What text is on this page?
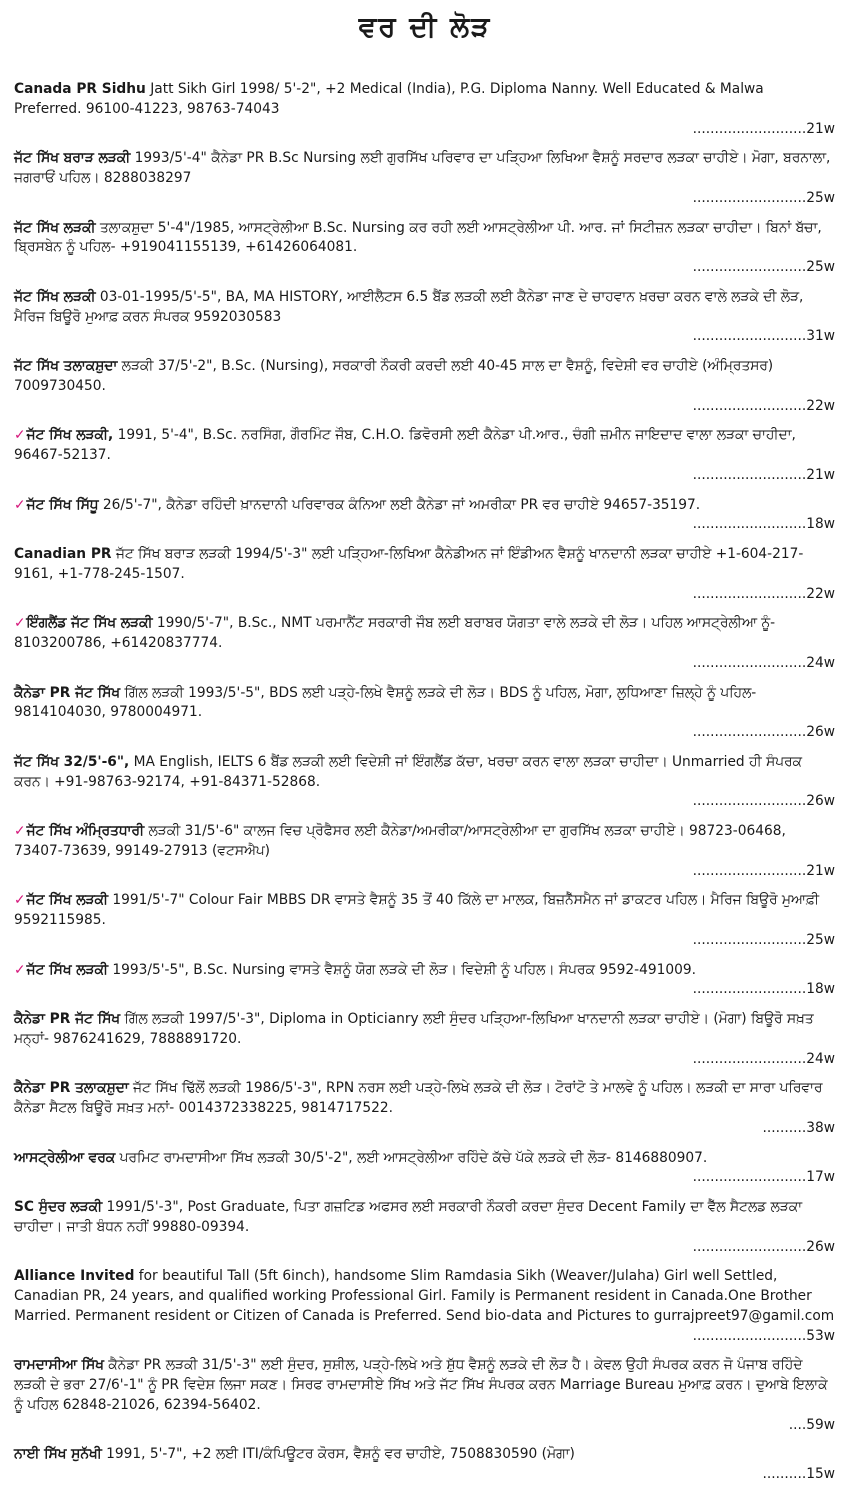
ਵਰ ਦੀ ਲੋੜ
Canada PR Sidhu Jatt Sikh Girl 1998/ 5'-2", +2 Medical (India), P.G. Diploma Nanny. Well Educated & Malwa Preferred. 96100-41223, 98763-74043
..........................21w
ਜੱਟ ਸਿੱਖ ਬਰਾੜ ਲੜਕੀ 1993/5'-4" ਕੈਨੇਡਾ PR B.Sc Nursing ਲਈ ਗੁਰਸਿੱਖ ਪਰਿਵਾਰ ਦਾ ਪੜ੍ਹਿਆ ਲਿਖਿਆ ਵੈਸ਼ਨੂੰ ਸਰਦਾਰ ਲੜਕਾ ਚਾਹੀਏ। ਮੋਗਾ, ਬਰਨਾਲਾ, ਜਗਰਾਓਂ ਪਹਿਲ। 8288038297
..........................25w
ਜੱਟ ਸਿੱਖ ਲੜਕੀ ਤਲਾਕਸ਼ੁਦਾ 5'-4"/1985, ਆਸਟ੍ਰੇਲੀਆ B.Sc. Nursing ਕਰ ਰਹੀ ਲਈ ਆਸਟ੍ਰੇਲੀਆ ਪੀ. ਆਰ. ਜਾਂ ਸਿਟੀਜ਼ਨ ਲੜਕਾ ਚਾਹੀਦਾ। ਬਿਨਾਂ ਬੱਚਾ, ਬ੍ਰਿਸਬੇਨ ਨੂੰ ਪਹਿਲ- +919041155139, +61426064081.
..........................25w
ਜੱਟ ਸਿੱਖ ਲੜਕੀ 03-01-1995/5'-5", BA, MA HISTORY, ਆਈਲੈਟਸ 6.5 ਬੈਂਡ ਲੜਕੀ ਲਈ ਕੈਨੇਡਾ ਜਾਣ ਦੇ ਚਾਹਵਾਨ ਖ਼ਰਚਾ ਕਰਨ ਵਾਲੇ ਲੜਕੇ ਦੀ ਲੋੜ, ਮੈਰਿਜ ਬਿਊਰੋ ਮੁਆਫ਼ ਕਰਨ ਸੰਪਰਕ 9592030583
..........................31w
ਜੱਟ ਸਿੱਖ ਤਲਾਕਸ਼ੁਦਾ ਲੜਕੀ 37/5'-2", B.Sc. (Nursing), ਸਰਕਾਰੀ ਨੌਕਰੀ ਕਰਦੀ ਲਈ 40-45 ਸਾਲ ਦਾ ਵੈਸ਼ਨੂੰ, ਵਿਦੇਸ਼ੀ ਵਰ ਚਾਹੀਏ (ਅੰਮ੍ਰਿਤਸਰ) 7009730450.
..........................22w
✓ਜੱਟ ਸਿੱਖ ਲੜਕੀ, 1991, 5'-4", B.Sc. ਨਰਸਿੰਗ, ਗੌਰਮਿੰਟ ਜੌਬ, C.H.O. ਡਿਵੋਰਸੀ ਲਈ ਕੈਨੇਡਾ ਪੀ.ਆਰ., ਚੰਗੀ ਜ਼ਮੀਨ ਜਾਇਦਾਦ ਵਾਲਾ ਲੜਕਾ ਚਾਹੀਦਾ, 96467-52137.
..........................21w
✓ਜੱਟ ਸਿੱਖ ਸਿੱਧੂ 26/5'-7", ਕੈਨੇਡਾ ਰਹਿੰਦੀ ਖ਼ਾਨਦਾਨੀ ਪਰਿਵਾਰਕ ਕੰਨਿਆ ਲਈ ਕੈਨੇਡਾ ਜਾਂ ਅਮਰੀਕਾ PR ਵਰ ਚਾਹੀਏ 94657-35197.
..........................18w
Canadian PR ਜੱਟ ਸਿੱਖ ਬਰਾੜ ਲੜਕੀ 1994/5'-3" ਲਈ ਪੜ੍ਹਿਆ-ਲਿਖਿਆ ਕੈਨੇਡੀਅਨ ਜਾਂ ਇੰਡੀਅਨ ਵੈਸ਼ਨੂੰ ਖਾਨਦਾਨੀ ਲੜਕਾ ਚਾਹੀਏ +1-604-217-9161, +1-778-245-1507.
..........................22w
✓ਇੰਗਲੈਂਡ ਜੱਟ ਸਿੱਖ ਲੜਕੀ 1990/5'-7", B.Sc., NMT ਪਰਮਾਨੈਂਟ ਸਰਕਾਰੀ ਜੌਬ ਲਈ ਬਰਾਬਰ ਯੋਗਤਾ ਵਾਲੇ ਲੜਕੇ ਦੀ ਲੋੜ। ਪਹਿਲ ਆਸਟ੍ਰੇਲੀਆ ਨੂੰ- 8103200786, +61420837774.
..........................24w
ਕੈਨੇਡਾ PR ਜੱਟ ਸਿੱਖ ਗਿੱਲ ਲੜਕੀ 1993/5'-5", BDS ਲਈ ਪੜ੍ਹੇ-ਲਿਖੇ ਵੈਸ਼ਨੂੰ ਲੜਕੇ ਦੀ ਲੋੜ। BDS ਨੂੰ ਪਹਿਲ, ਮੋਗਾ, ਲੁਧਿਆਣਾ ਜ਼ਿਲ੍ਹੇ ਨੂੰ ਪਹਿਲ- 9814104030, 9780004971.
..........................26w
ਜੱਟ ਸਿੱਖ 32/5'-6", MA English, IELTS 6 ਬੈਂਡ ਲੜਕੀ ਲਈ ਵਿਦੇਸ਼ੀ ਜਾਂ ਇੰਗਲੈਂਡ ਕੱਚਾ, ਖਰਚਾ ਕਰਨ ਵਾਲਾ ਲੜਕਾ ਚਾਹੀਦਾ। Unmarried ਹੀ ਸੰਪਰਕ ਕਰਨ। +91-98763-92174, +91-84371-52868.
..........................26w
✓ਜੱਟ ਸਿੱਖ ਅੰਮ੍ਰਿਤਧਾਰੀ ਲੜਕੀ 31/5'-6" ਕਾਲਜ ਵਿਚ ਪ੍ਰੋਫੈਸਰ ਲਈ ਕੈਨੇਡਾ/ਅਮਰੀਕਾ/ਆਸਟ੍ਰੇਲੀਆ ਦਾ ਗੁਰਸਿੱਖ ਲੜਕਾ ਚਾਹੀਏ। 98723-06468, 73407-73639, 99149-27913 (ਵਟਸਐਪ)
..........................21w
✓ਜੱਟ ਸਿੱਖ ਲੜਕੀ 1991/5'-7" Colour Fair MBBS DR ਵਾਸਤੇ ਵੈਸ਼ਨੂੰ 35 ਤੋਂ 40 ਕਿੱਲੇ ਦਾ ਮਾਲਕ, ਬਿਜ਼ਨੈੱਸਮੈਨ ਜਾਂ ਡਾਕਟਰ ਪਹਿਲ। ਮੈਰਿਜ ਬਿਊਰੋ ਮੁਆਫ਼ੀ 9592115985.
..........................25w
✓ਜੱਟ ਸਿੱਖ ਲੜਕੀ 1993/5'-5", B.Sc. Nursing ਵਾਸਤੇ ਵੈਸ਼ਨੂੰ ਯੋਗ ਲੜਕੇ ਦੀ ਲੋੜ। ਵਿਦੇਸ਼ੀ ਨੂੰ ਪਹਿਲ। ਸੰਪਰਕ 9592-491009.
..........................18w
ਕੈਨੇਡਾ PR ਜੱਟ ਸਿੱਖ ਗਿੱਲ ਲੜਕੀ 1997/5'-3", Diploma in Opticianry ਲਈ ਸੁੰਦਰ ਪੜ੍ਹਿਆ-ਲਿਖਿਆ ਖਾਨਦਾਨੀ ਲੜਕਾ ਚਾਹੀਏ। (ਮੋਗਾ) ਬਿਊਰੋ ਸਖ਼ਤ ਮਨ੍ਹਾਂ- 9876241629, 7888891720.
..........................24w
ਕੈਨੇਡਾ PR ਤਲਾਕਸ਼ੁਦਾ ਜੱਟ ਸਿੱਖ ਢਿੱਲੋਂ ਲੜਕੀ 1986/5'-3", RPN ਨਰਸ ਲਈ ਪੜ੍ਹੇ-ਲਿਖੇ ਲੜਕੇ ਦੀ ਲੋੜ। ਟੋਰਾਂਟੋ ਤੇ ਮਾਲਵੇ ਨੂੰ ਪਹਿਲ। ਲੜਕੀ ਦਾ ਸਾਰਾ ਪਰਿਵਾਰ ਕੈਨੇਡਾ ਸੈਟਲ ਬਿਊਰੋ ਸਖ਼ਤ ਮਨਾਂ- 0014372338225, 9814717522.
..........38w
ਆਸਟ੍ਰੇਲੀਆ ਵਰਕ ਪਰਮਿਟ ਰਾਮਦਾਸੀਆ ਸਿੱਖ ਲੜਕੀ 30/5'-2", ਲਈ ਆਸਟ੍ਰੇਲੀਆ ਰਹਿੰਦੇ ਕੱਚੇ ਪੱਕੇ ਲੜਕੇ ਦੀ ਲੋੜ- 8146880907.
..........................17w
SC ਸੁੰਦਰ ਲੜਕੀ 1991/5'-3", Post Graduate, ਪਿਤਾ ਗਜ਼ਟਿਡ ਅਫਸਰ ਲਈ ਸਰਕਾਰੀ ਨੌਕਰੀ ਕਰਦਾ ਸੁੰਦਰ Decent Family ਦਾ ਵੈੱਲ ਸੈਟਲਡ ਲੜਕਾ ਚਾਹੀਦਾ। ਜਾਤੀ ਬੰਧਨ ਨਹੀਂ 99880-09394.
..........................26w
Alliance Invited for beautiful Tall (5ft 6inch), handsome Slim Ramdasia Sikh (Weaver/Julaha) Girl well Settled, Canadian PR, 24 years, and qualified working Professional Girl. Family is Permanent resident in Canada.One Brother Married. Permanent resident or Citizen of Canada is Preferred. Send bio-data and Pictures to gurrajpreet97@gamil.com
..........................53w
ਰਾਮਦਾਸੀਆ ਸਿੱਖ ਕੈਨੇਡਾ PR ਲੜਕੀ 31/5'-3" ਲਈ ਸੁੰਦਰ, ਸੁਸ਼ੀਲ, ਪੜ੍ਹੇ-ਲਿਖੇ ਅਤੇ ਸ਼ੁੱਧ ਵੈਸ਼ਨੂੰ ਲੜਕੇ ਦੀ ਲੋੜ ਹੈ। ਕੇਵਲ ਉਹੀ ਸੰਪਰਕ ਕਰਨ ਜੋ ਪੰਜਾਬ ਰਹਿੰਦੇ ਲੜਕੀ ਦੇ ਭਰਾ 27/6'-1" ਨੂੰ PR ਵਿਦੇਸ਼ ਲਿਜਾ ਸਕਣ। ਸਿਰਫ ਰਾਮਦਾਸੀਏ ਸਿੱਖ ਅਤੇ ਜੱਟ ਸਿੱਖ ਸੰਪਰਕ ਕਰਨ Marriage Bureau ਮੁਆਫ਼ ਕਰਨ। ਦੁਆਬੇ ਇਲਾਕੇ ਨੂੰ ਪਹਿਲ 62848-21026, 62394-56402.
....59w
ਨਾਈ ਸਿੱਖ ਸੁਨੱਖੀ 1991, 5'-7", +2 ਲਈ ITI/ਕੰਪਿਊਟਰ ਕੋਰਸ, ਵੈਸ਼ਨੂੰ ਵਰ ਚਾਹੀਏ, 7508830590 (ਮੋਗਾ)
..........15w
